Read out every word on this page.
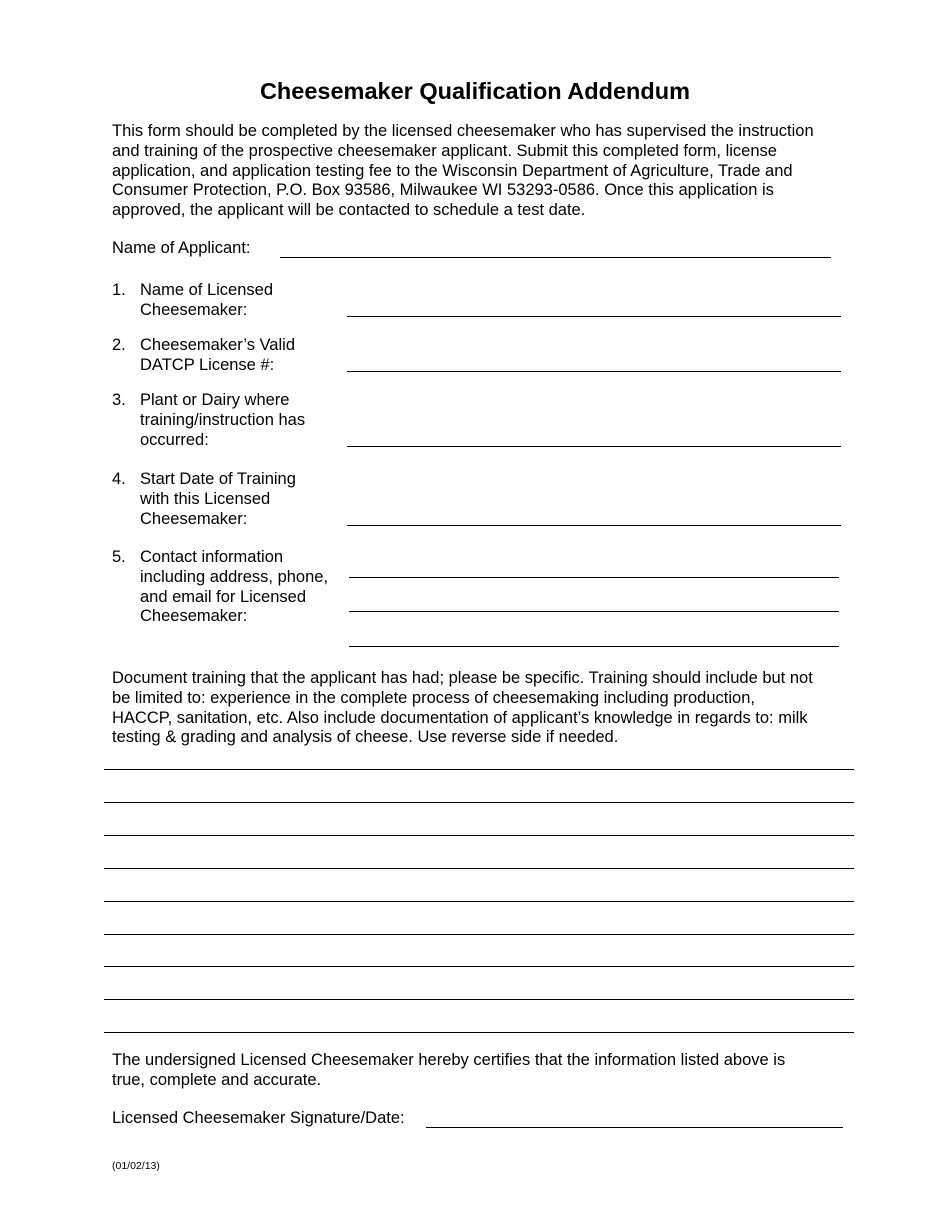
Cheesemaker Qualification Addendum
This form should be completed by the licensed cheesemaker who has supervised the instruction
and training of the prospective cheesemaker applicant. Submit this completed form, license
application, and application testing fee to the Wisconsin Department of Agriculture, Trade and
Consumer Protection, P.O. Box 93586, Milwaukee WI 53293-0586. Once this application is
approved, the applicant will be contacted to schedule a test date.
Name of Applicant:
1. Name of Licensed
Cheesemaker:
2. Cheesemaker’s Valid
DATCP License #:
3. Plant or Dairy where
training/instruction has
occurred:
4. Start Date of Training
with this Licensed
Cheesemaker:
5. Contact information
including address, phone,
and email for Licensed
Cheesemaker:
Document training that the applicant has had; please be specific. Training should include but not
be limited to: experience in the complete process of cheesemaking including production,
HACCP, sanitation, etc. Also include documentation of applicant’s knowledge in regards to: milk
testing & grading and analysis of cheese. Use reverse side if needed.
The undersigned Licensed Cheesemaker hereby certifies that the information listed above is
true, complete and accurate.
Licensed Cheesemaker Signature/Date:
(01/02/13)
